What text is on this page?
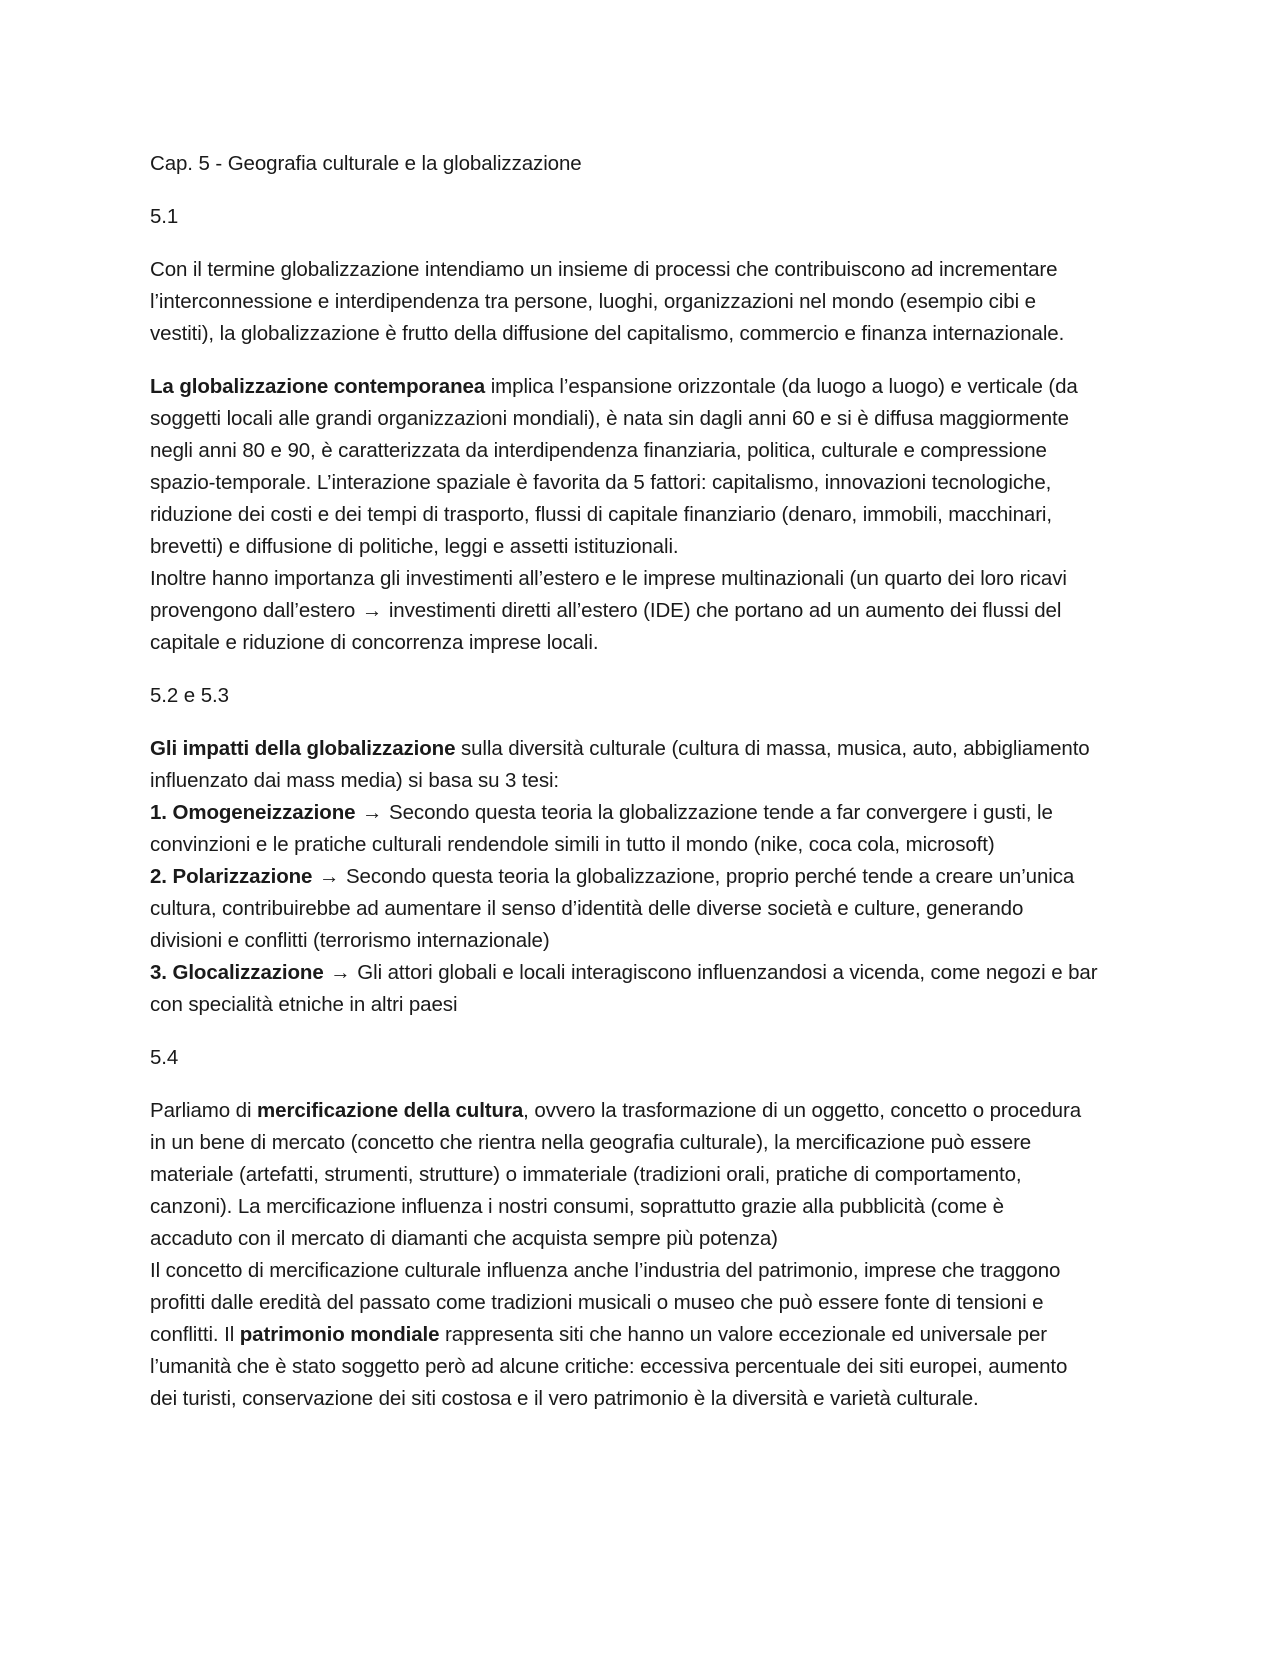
Cap. 5 - Geografia culturale e la globalizzazione

5.1

Con il termine globalizzazione intendiamo un insieme di processi che contribuiscono ad incrementare
l’interconnessione e interdipendenza tra persone, luoghi, organizzazioni nel mondo (esempio cibi e
vestiti), la globalizzazione è frutto della diffusione del capitalismo, commercio e finanza internazionale.

La globalizzazione contemporanea implica l’espansione orizzontale (da luogo a luogo) e verticale (da
soggetti locali alle grandi organizzazioni mondiali), è nata sin dagli anni 60 e si è diffusa maggiormente
negli anni 80 e 90, è caratterizzata da interdipendenza finanziaria, politica, culturale e compressione
spazio-temporale. L’interazione spaziale è favorita da 5 fattori: capitalismo, innovazioni tecnologiche,
riduzione dei costi e dei tempi di trasporto, flussi di capitale finanziario (denaro, immobili, macchinari,
brevetti) e diffusione di politiche, leggi e assetti istituzionali.
Inoltre hanno importanza gli investimenti all’estero e le imprese multinazionali (un quarto dei loro ricavi
provengono dall’estero → investimenti diretti all’estero (IDE) che portano ad un aumento dei flussi del
capitale e riduzione di concorrenza imprese locali.

5.2 e 5.3

Gli impatti della globalizzazione sulla diversità culturale (cultura di massa, musica, auto, abbigliamento
influenzato dai mass media) si basa su 3 tesi:
1. Omogeneizzazione → Secondo questa teoria la globalizzazione tende a far convergere i gusti, le
convinzioni e le pratiche culturali rendendole simili in tutto il mondo (nike, coca cola, microsoft)
2. Polarizzazione → Secondo questa teoria la globalizzazione, proprio perché tende a creare un’unica
cultura, contribuirebbe ad aumentare il senso d’identità delle diverse società e culture, generando
divisioni e conflitti (terrorismo internazionale)
3. Glocalizzazione → Gli attori globali e locali interagiscono influenzandosi a vicenda, come negozi e bar
con specialità etniche in altri paesi

5.4

Parliamo di mercificazione della cultura, ovvero la trasformazione di un oggetto, concetto o procedura
in un bene di mercato (concetto che rientra nella geografia culturale), la mercificazione può essere
materiale (artefatti, strumenti, strutture) o immateriale (tradizioni orali, pratiche di comportamento,
canzoni). La mercificazione influenza i nostri consumi, soprattutto grazie alla pubblicità (come è
accaduto con il mercato di diamanti che acquista sempre più potenza)
Il concetto di mercificazione culturale influenza anche l’industria del patrimonio, imprese che traggono
profitti dalle eredità del passato come tradizioni musicali o museo che può essere fonte di tensioni e
conflitti. Il patrimonio mondiale rappresenta siti che hanno un valore eccezionale ed universale per
l’umanità che è stato soggetto però ad alcune critiche: eccessiva percentuale dei siti europei, aumento
dei turisti, conservazione dei siti costosa e il vero patrimonio è la diversità e varietà culturale.
